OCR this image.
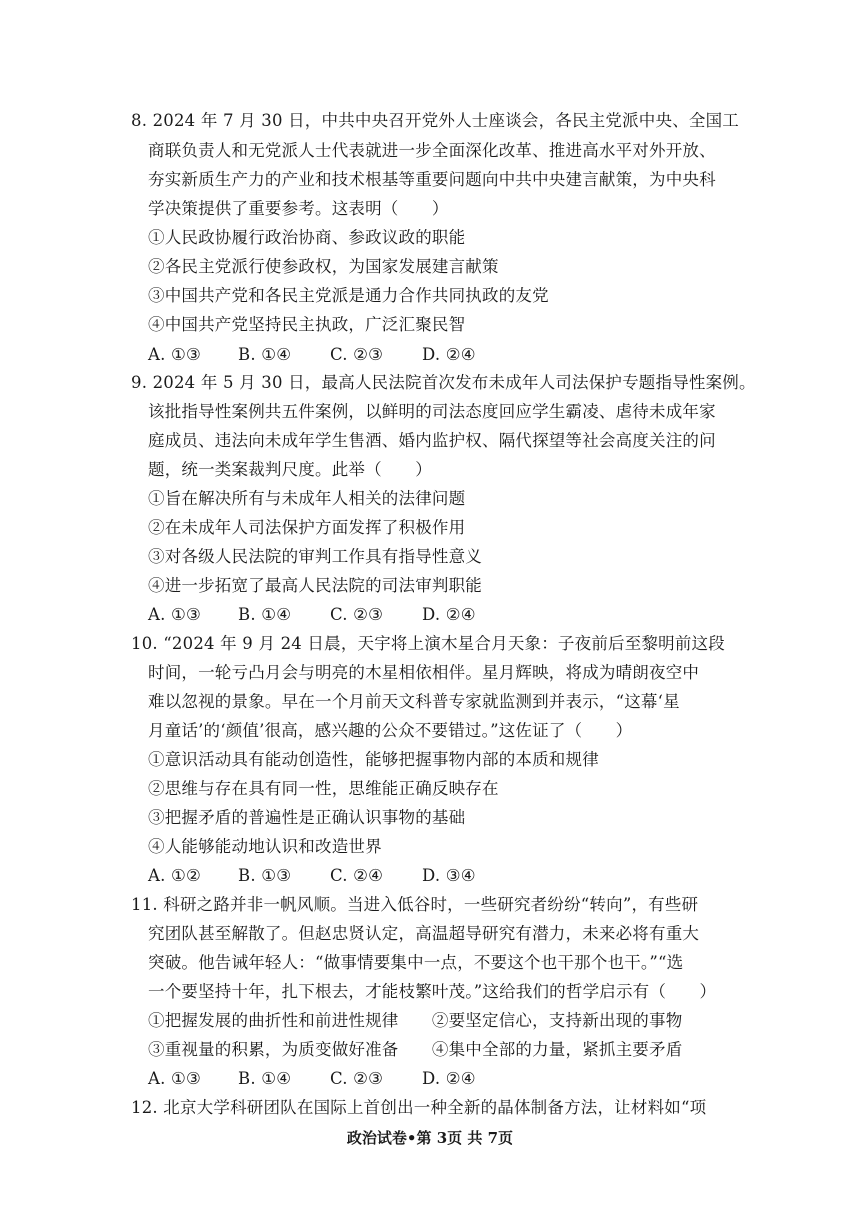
8. 2024 年 7 月 30 日，中共中央召开党外人士座谈会，各民主党派中央、全国工
商联负责人和无党派人士代表就进一步全面深化改革、推进高水平对外开放、
夯实新质生产力的产业和技术根基等重要问题向中共中央建言献策，为中央科
学决策提供了重要参考。这表明（　　）
①人民政协履行政治协商、参政议政的职能
②各民主党派行使参政权，为国家发展建言献策
③中国共产党和各民主党派是通力合作共同执政的友党
④中国共产党坚持民主执政，广泛汇聚民智
A. ①③ B. ①④ C. ②③ D. ②④
9. 2024 年 5 月 30 日，最高人民法院首次发布未成年人司法保护专题指导性案例。
该批指导性案例共五件案例，以鲜明的司法态度回应学生霸凌、虐待未成年家
庭成员、违法向未成年学生售酒、婚内监护权、隔代探望等社会高度关注的问
题，统一类案裁判尺度。此举（　　）
①旨在解决所有与未成年人相关的法律问题
②在未成年人司法保护方面发挥了积极作用
③对各级人民法院的审判工作具有指导性意义
④进一步拓宽了最高人民法院的司法审判职能
A. ①③ B. ①④ C. ②③ D. ②④
10. “2024 年 9 月 24 日晨，天宇将上演木星合月天象：子夜前后至黎明前这段
时间，一轮亏凸月会与明亮的木星相依相伴。星月辉映，将成为晴朗夜空中
难以忽视的景象。早在一个月前天文科普专家就监测到并表示，“这幕‘星
月童话’的‘颜值’很高，感兴趣的公众不要错过。”这佐证了（　　）
①意识活动具有能动创造性，能够把握事物内部的本质和规律
②思维与存在具有同一性，思维能正确反映存在
③把握矛盾的普遍性是正确认识事物的基础
④人能够能动地认识和改造世界
A. ①② B. ①③ C. ②④ D. ③④
11. 科研之路并非一帆风顺。当进入低谷时，一些研究者纷纷“转向”，有些研
究团队甚至解散了。但赵忠贤认定，高温超导研究有潜力，未来必将有重大
突破。他告诫年轻人：“做事情要集中一点，不要这个也干那个也干。”“选
一个要坚持十年，扎下根去，才能枝繁叶茂。”这给我们的哲学启示有（　　）
①把握发展的曲折性和前进性规律　　②要坚定信心，支持新出现的事物
③重视量的积累，为质变做好准备　　④集中全部的力量，紧抓主要矛盾
A. ①③ B. ①④ C. ②③ D. ②④
12. 北京大学科研团队在国际上首创出一种全新的晶体制备方法，让材料如“项
政治试卷•第 3页 共 7页
